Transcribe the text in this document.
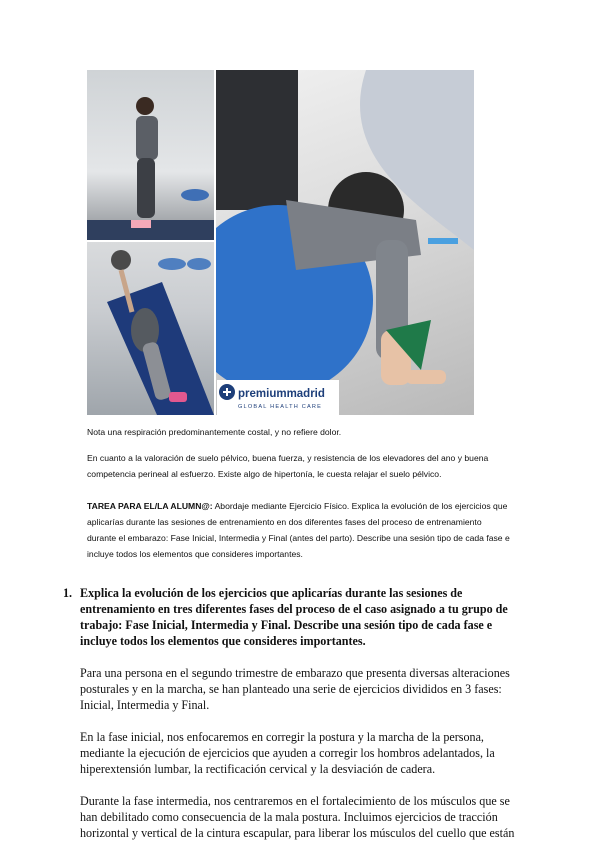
premiummadrid
GLOBAL HEALTH CARE
Nota una respiración predominantemente costal, y no refiere dolor.
En cuanto a la valoración de suelo pélvico, buena fuerza, y resistencia de los elevadores del ano y buena competencia perineal al esfuerzo. Existe algo de hipertonía, le cuesta relajar el suelo pélvico.
TAREA PARA EL/LA ALUMN@: Abordaje mediante Ejercicio Físico. Explica la evolución de los ejercicios que aplicarías durante las sesiones de entrenamiento en dos diferentes fases del proceso de entrenamiento durante el embarazo: Fase Inicial, Intermedia y Final (antes del parto). Describe una sesión tipo de cada fase e incluye todos los elementos que consideres importantes.
1. Explica la evolución de los ejercicios que aplicarías durante las sesiones de entrenamiento en tres diferentes fases del proceso de el caso asignado a tu grupo de trabajo: Fase Inicial, Intermedia y Final. Describe una sesión tipo de cada fase e incluye todos los elementos que consideres importantes.
Para una persona en el segundo trimestre de embarazo que presenta diversas alteraciones posturales y en la marcha, se han planteado una serie de ejercicios divididos en 3 fases: Inicial, Intermedia y Final.
En la fase inicial, nos enfocaremos en corregir la postura y la marcha de la persona, mediante la ejecución de ejercicios que ayuden a corregir los hombros adelantados, la hiperextensión lumbar, la rectificación cervical y la desviación de cadera.
Durante la fase intermedia, nos centraremos en el fortalecimiento de los músculos que se han debilitado como consecuencia de la mala postura. Incluimos ejercicios de tracción horizontal y vertical de la cintura escapular, para liberar los músculos del cuello que están
